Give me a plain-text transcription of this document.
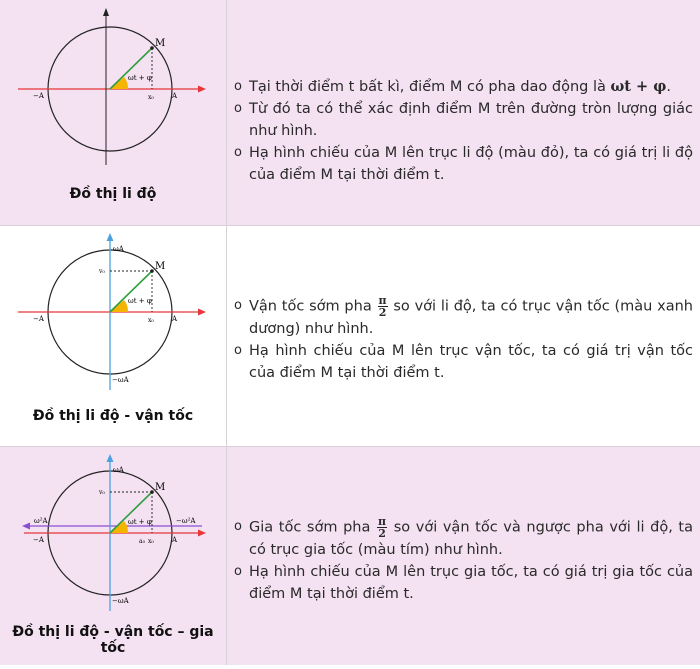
M
−A	A
ωt + φ
x₀
Đồ thị li độ
o Tại thời điểm t bất kì, điểm M có pha dao động là ωt + φ.
o Từ đó ta có thể xác định điểm M trên đường tròn lượng giác như hình.
o Hạ hình chiếu của M lên trục li độ (màu đỏ), ta có giá trị li độ của điểm M tại thời điểm t.
M
−A	A
ωt + φ
x₀
v₀
ωA
−ωA
Đồ thị li độ - vận tốc
o Vận tốc sớm pha $\frac{\pi}{2}$ so với li độ, ta có trục vận tốc (màu xanh dương) như hình.
o Hạ hình chiếu của M lên trục vận tốc, ta có giá trị vận tốc của điểm M tại thời điểm t.
M
−A	A
ωt + φ
a₀ x₀
v₀
ωA
−ωA
ω²A	−ω²A
Đồ thị li độ - vận tốc – gia tốc
o Gia tốc sớm pha $\frac{\pi}{2}$ so với vận tốc và ngược pha với li độ, ta có trục gia tốc (màu tím) như hình.
o Hạ hình chiếu của M lên trục gia tốc, ta có giá trị gia tốc của điểm M tại thời điểm t.
